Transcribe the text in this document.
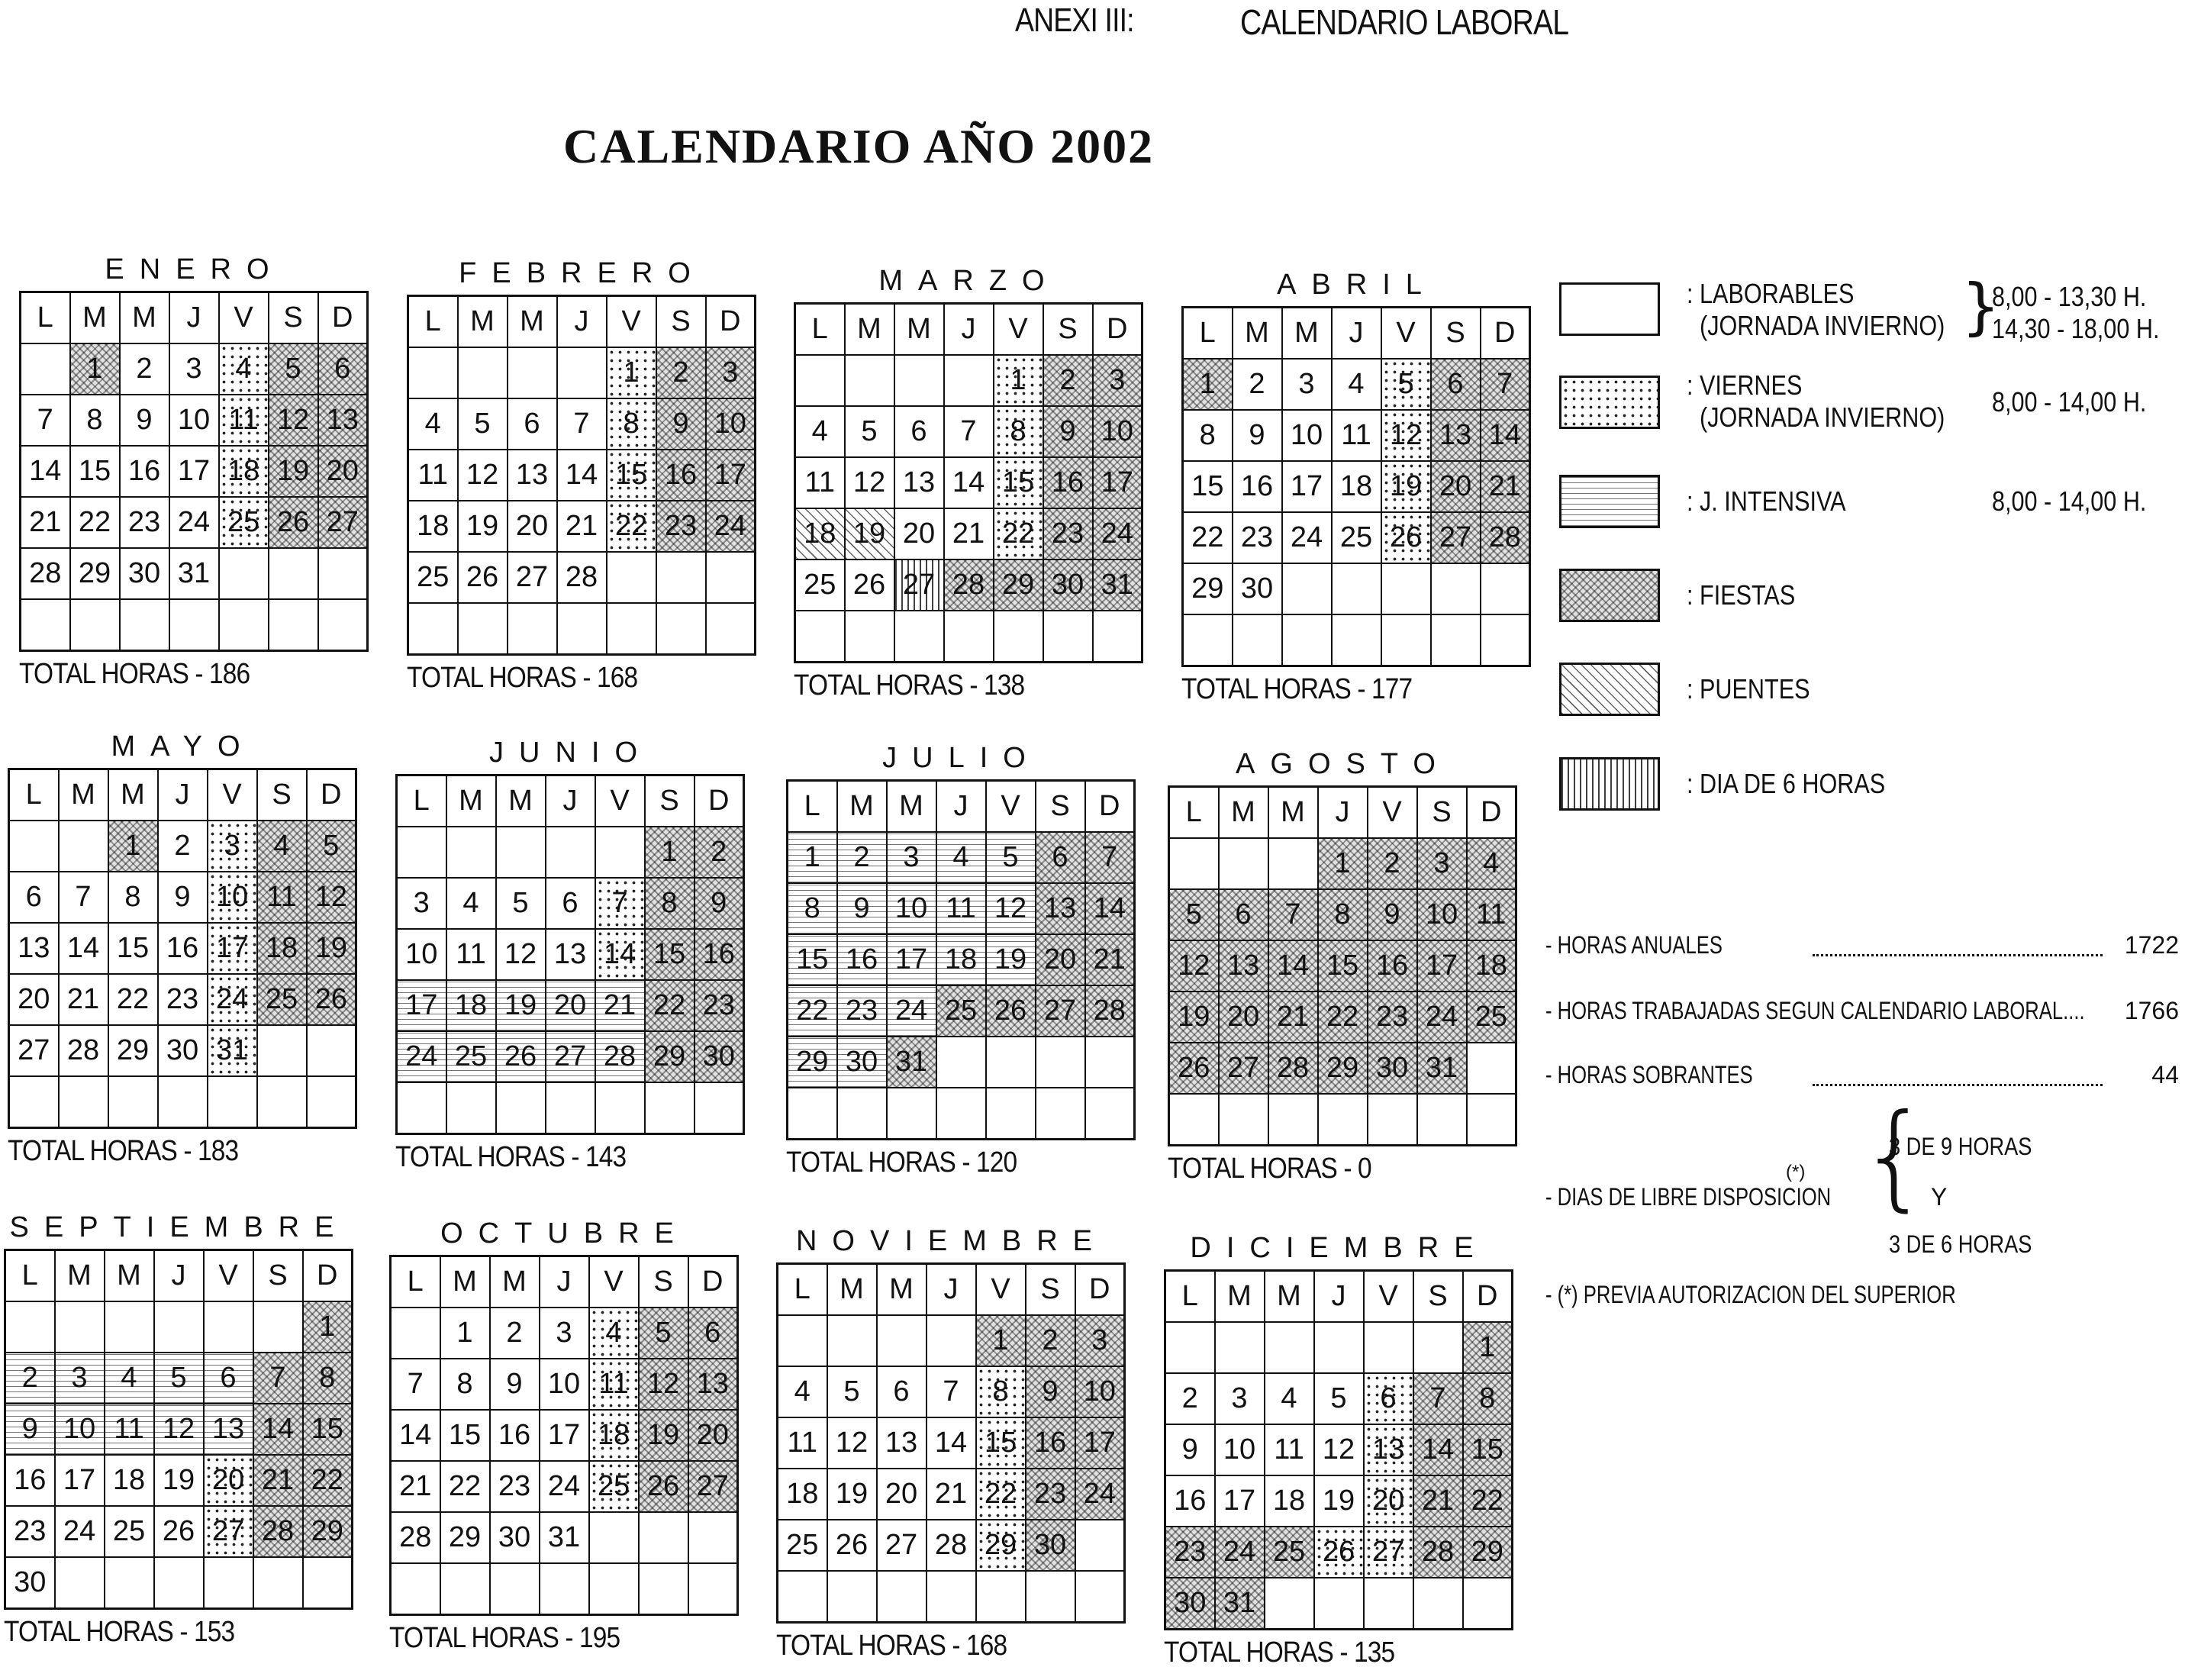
ANEXI III:	CALENDARIO LABORAL
CALENDARIO AÑO 2002
ENERO
L	M	M	J	V	S	D
	1	2	3	4	5	6
7	8	9	10	11	12	13
14	15	16	17	18	19	20
21	22	23	24	25	26	27
28	29	30	31			

TOTAL HORAS - 186
FEBRERO
L	M	M	J	V	S	D
				1	2	3
4	5	6	7	8	9	10
11	12	13	14	15	16	17
18	19	20	21	22	23	24
25	26	27	28			

TOTAL HORAS - 168
MARZO
L	M	M	J	V	S	D
				1	2	3
4	5	6	7	8	9	10
11	12	13	14	15	16	17
18	19	20	21	22	23	24
25	26	27	28	29	30	31

TOTAL HORAS - 138
ABRIL
L	M	M	J	V	S	D
1	2	3	4	5	6	7
8	9	10	11	12	13	14
15	16	17	18	19	20	21
22	23	24	25	26	27	28
29	30					

TOTAL HORAS - 177
MAYO
L	M	M	J	V	S	D
		1	2	3	4	5
6	7	8	9	10	11	12
13	14	15	16	17	18	19
20	21	22	23	24	25	26
27	28	29	30	31		

TOTAL HORAS - 183
JUNIO
L	M	M	J	V	S	D
					1	2
3	4	5	6	7	8	9
10	11	12	13	14	15	16
17	18	19	20	21	22	23
24	25	26	27	28	29	30

TOTAL HORAS - 143
JULIO
L	M	M	J	V	S	D
1	2	3	4	5	6	7
8	9	10	11	12	13	14
15	16	17	18	19	20	21
22	23	24	25	26	27	28
29	30	31				

TOTAL HORAS - 120
AGOSTO
L	M	M	J	V	S	D
			1	2	3	4
5	6	7	8	9	10	11
12	13	14	15	16	17	18
19	20	21	22	23	24	25
26	27	28	29	30	31	

TOTAL HORAS - 0
SEPTIEMBRE
L	M	M	J	V	S	D
						1
2	3	4	5	6	7	8
9	10	11	12	13	14	15
16	17	18	19	20	21	22
23	24	25	26	27	28	29
30						
TOTAL HORAS - 153
OCTUBRE
L	M	M	J	V	S	D
	1	2	3	4	5	6
7	8	9	10	11	12	13
14	15	16	17	18	19	20
21	22	23	24	25	26	27
28	29	30	31			

TOTAL HORAS - 195
NOVIEMBRE
L	M	M	J	V	S	D
				1	2	3
4	5	6	7	8	9	10
11	12	13	14	15	16	17
18	19	20	21	22	23	24
25	26	27	28	29	30	

TOTAL HORAS - 168
DICIEMBRE
L	M	M	J	V	S	D
						1
2	3	4	5	6	7	8
9	10	11	12	13	14	15
16	17	18	19	20	21	22
23	24	25	26	27	28	29
30	31					
TOTAL HORAS - 135
: LABORABLES
(JORNADA INVIERNO) }
8,00 - 13,30 H.
14,30 - 18,00 H.
: VIERNES
(JORNADA INVIERNO) 8,00 - 14,00 H.
: J. INTENSIVA	8,00 - 14,00 H.
: FIESTAS
: PUENTES
: DIA DE 6 HORAS
- HORAS ANUALES	1722
- HORAS TRABAJADAS SEGUN CALENDARIO LABORAL.... 1766
- HORAS SOBRANTES	44
- DIAS DE LIBRE DISPOSICION
(*) {
3 DE 9 HORAS
Y
3 DE 6 HORAS
- (*) PREVIA AUTORIZACION DEL SUPERIOR
